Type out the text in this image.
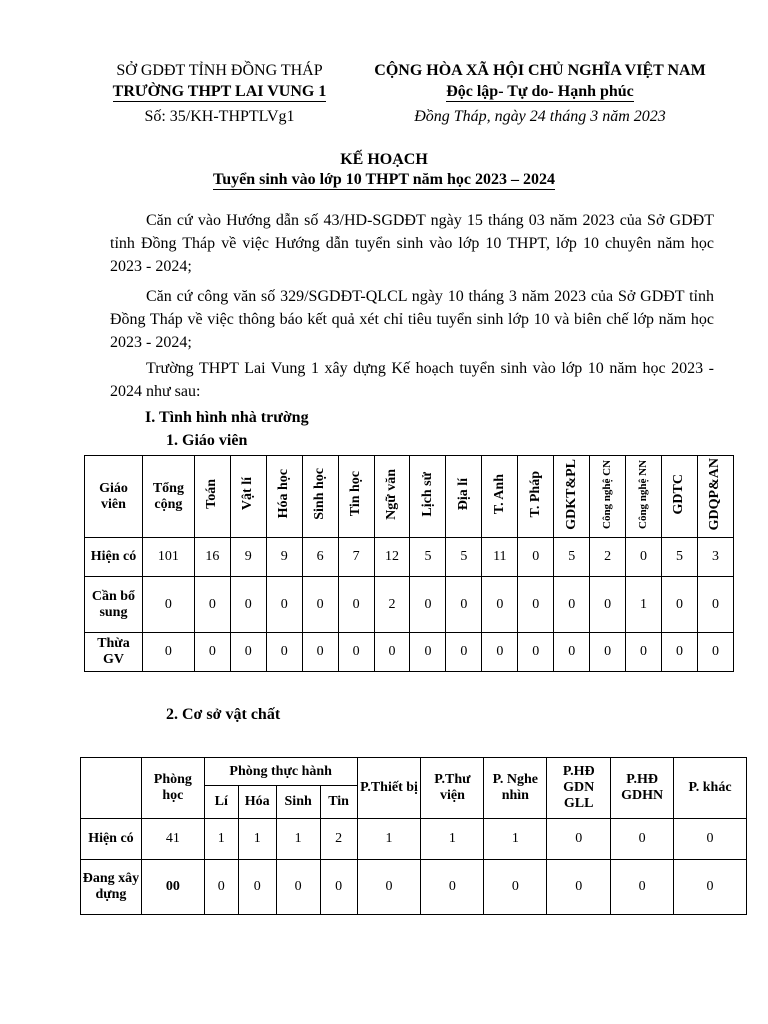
SỞ GDĐT TỈNH ĐỒNG THÁP
TRƯỜNG THPT LAI VUNG 1
Số: 35/KH-THPTLVg1
CỘNG HÒA XÃ HỘI CHỦ NGHĨA VIỆT NAM
Độc lập- Tự do- Hạnh phúc
Đồng Tháp, ngày 24 tháng 3 năm 2023
KẾ HOẠCH
Tuyển sinh vào lớp 10 THPT năm học 2023 – 2024
Căn cứ vào Hướng dẫn số 43/HD-SGDĐT ngày 15 tháng 03 năm 2023 của Sở GDĐT tỉnh Đồng Tháp về việc Hướng dẫn tuyển sinh vào lớp 10 THPT, lớp 10 chuyên năm học 2023 - 2024;
Căn cứ công văn số 329/SGDĐT-QLCL ngày 10 tháng 3 năm 2023 của Sở GDĐT tỉnh Đồng Tháp về việc thông báo kết quả xét chỉ tiêu tuyển sinh lớp 10 và biên chế lớp năm học 2023 - 2024;
Trường THPT Lai Vung 1 xây dựng Kế hoạch tuyển sinh vào lớp 10 năm học 2023 - 2024 như sau:
I. Tình hình nhà trường
1. Giáo viên
Giáo viên	Tổng cộng	Toán	Vật lí	Hóa học	Sinh học	Tin học	Ngữ văn	Lịch sử	Địa lí	T. Anh	T. Pháp	GDKT&PL	Công nghệ CN	Công nghệ NN	GDTC	GDQP&AN
Hiện có	101	16	9	9	6	7	12	5	5	11	0	5	2	0	5	3
Cần bổ sung	0	0	0	0	0	0	2	0	0	0	0	0	0	1	0	0
Thừa GV	0	0	0	0	0	0	0	0	0	0	0	0	0	0	0	0
2. Cơ sở vật chất
	Phòng học	Phòng thực hành				P.Thiết bị	P.Thư viện	P. Nghe nhìn	P.HĐ GDN GLL	P.HĐ GDHN	P. khác
		Lí	Hóa	Sinh	Tin						
Hiện có	41	1	1	1	2	1	1	1	0	0	0
Đang xây dựng	00	0	0	0	0	0	0	0	0	0	0
